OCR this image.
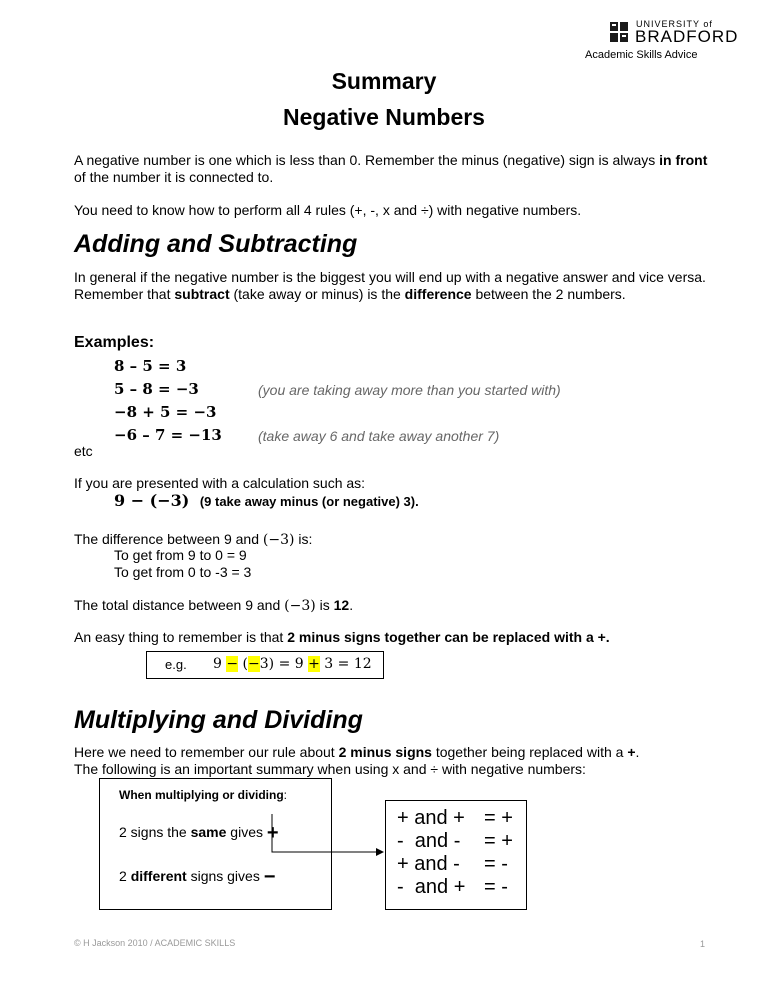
UNIVERSITY of
BRADFORD
Academic Skills Advice
Summary
Negative Numbers
A negative number is one which is less than 0. Remember the minus (negative) sign is always in front of the number it is connected to.
You need to know how to perform all 4 rules (+, -, x and ÷) with negative numbers.
Adding and Subtracting
In general if the negative number is the biggest you will end up with a negative answer and vice versa. Remember that subtract (take away or minus) is the difference between the 2 numbers.
Examples:
8 – 5 = 3
5 – 8 = −3	(you are taking away more than you started with)
−8 + 5 = −3
−6 – 7 = −13	(take away 6 and take away another 7)
etc
If you are presented with a calculation such as:
9 − (−3) (9 take away minus (or negative) 3).
The difference between 9 and (−3) is:
To get from 9 to 0 = 9
To get from 0 to -3 = 3
The total distance between 9 and (−3) is 12.
An easy thing to remember is that 2 minus signs together can be replaced with a +.
e.g. 9 − (−3) = 9 + 3 = 12
Multiplying and Dividing
Here we need to remember our rule about 2 minus signs together being replaced with a +.
The following is an important summary when using x and ÷ with negative numbers:
When multiplying or dividing:
2 signs the same gives +
2 different signs gives −
+ and + = +
-  and - = +
+ and - = -
-  and + = -
© H Jackson 2010 / ACADEMIC SKILLS	1
